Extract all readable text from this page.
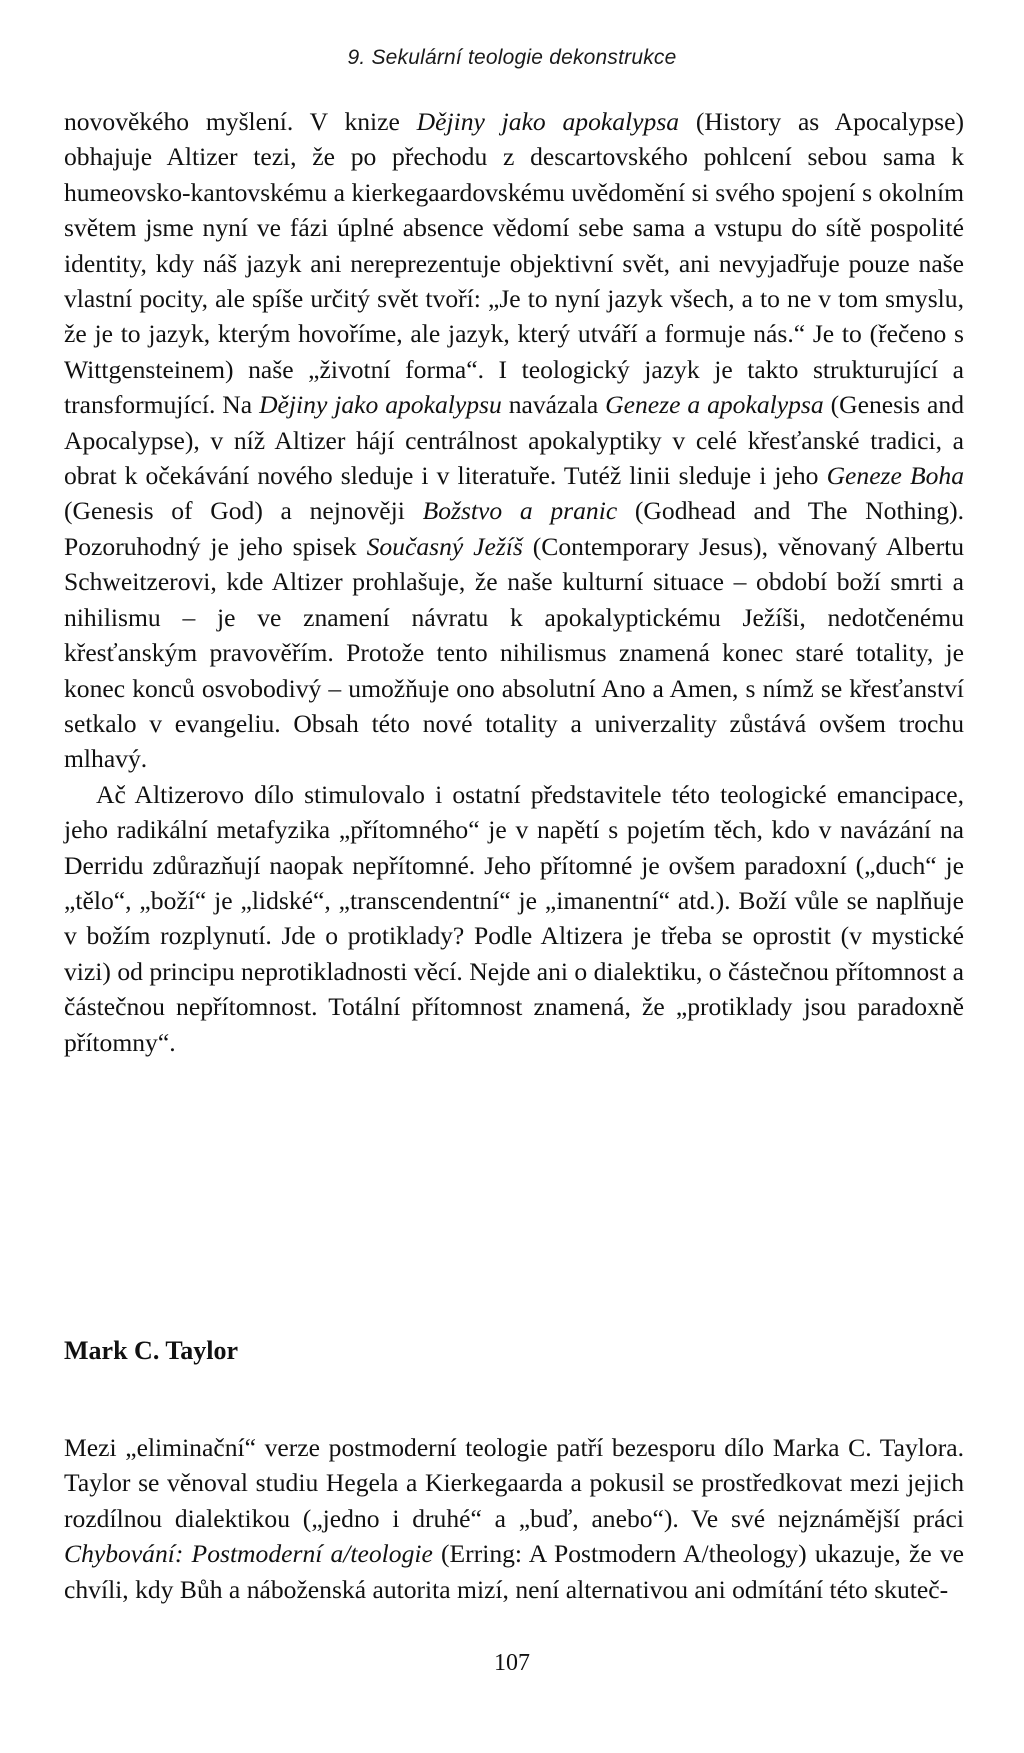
9. Sekulární teologie dekonstrukce

novověkého myšlení. V knize Dějiny jako apokalypsa (History as Apocalypse) obhajuje Altizer tezi, že po přechodu z descartovského pohlcení sebou sama k humeovsko-kantovskému a kierkegaardovskému uvědomění si svého spojení s okolním světem jsme nyní ve fázi úplné absence vědomí sebe sama a vstupu do sítě pospolité identity, kdy náš jazyk ani nereprezentuje objektivní svět, ani nevyjadřuje pouze naše vlastní pocity, ale spíše určitý svět tvoří: „Je to nyní jazyk všech, a to ne v tom smyslu, že je to jazyk, kterým hovoříme, ale jazyk, který utváří a formuje nás.“ Je to (řečeno s Wittgensteinem) naše „životní forma“. I teologický jazyk je takto strukturující a transformující. Na Dějiny jako apokalypsu navázala Geneze a apokalypsa (Genesis and Apocalypse), v níž Altizer hájí centrálnost apokalyptiky v celé křesťanské tradici, a obrat k očekávání nového sleduje i v literatuře. Tutéž linii sleduje i jeho Geneze Boha (Genesis of God) a nejnověji Božstvo a pranic (Godhead and The Nothing). Pozoruhodný je jeho spisek Současný Ježíš (Contemporary Jesus), věnovaný Albertu Schweitzerovi, kde Altizer prohlašuje, že naše kulturní situace – období boží smrti a nihilismu – je ve znamení návratu k apokalyptickému Ježíši, nedotčenému křesťanským pravověřím. Protože tento nihilismus znamená konec staré totality, je konec konců osvobodivý – umožňuje ono absolutní Ano a Amen, s nímž se křesťanství setkalo v evangeliu. Obsah této nové totality a univerzality zůstává ovšem trochu mlhavý.

Ač Altizerovo dílo stimulovalo i ostatní představitele této teologické emancipace, jeho radikální metafyzika „přítomného“ je v napětí s pojetím těch, kdo v navázání na Derridu zdůrazňují naopak nepřítomné. Jeho přítomné je ovšem paradoxní („duch“ je „tělo“, „boží“ je „lidské“, „transcendentní“ je „imanentní“ atd.). Boží vůle se naplňuje v božím rozplynutí. Jde o protiklady? Podle Altizera je třeba se oprostit (v mystické vizi) od principu neprotikladnosti věcí. Nejde ani o dialektiku, o částečnou přítomnost a částečnou nepřítomnost. Totální přítomnost znamená, že „protiklady jsou paradoxně přítomny“.

Mark C. Taylor

Mezi „eliminační“ verze postmoderní teologie patří bezesporu dílo Marka C. Taylora. Taylor se věnoval studiu Hegela a Kierkegaarda a pokusil se prostředkovat mezi jejich rozdílnou dialektikou („jedno i druhé“ a „buď, anebo“). Ve své nejznámější práci Chybování: Postmoderní a/teologie (Erring: A Postmodern A/theology) ukazuje, že ve chvíli, kdy Bůh a náboženská autorita mizí, není alternativou ani odmítání této skuteč-

107
